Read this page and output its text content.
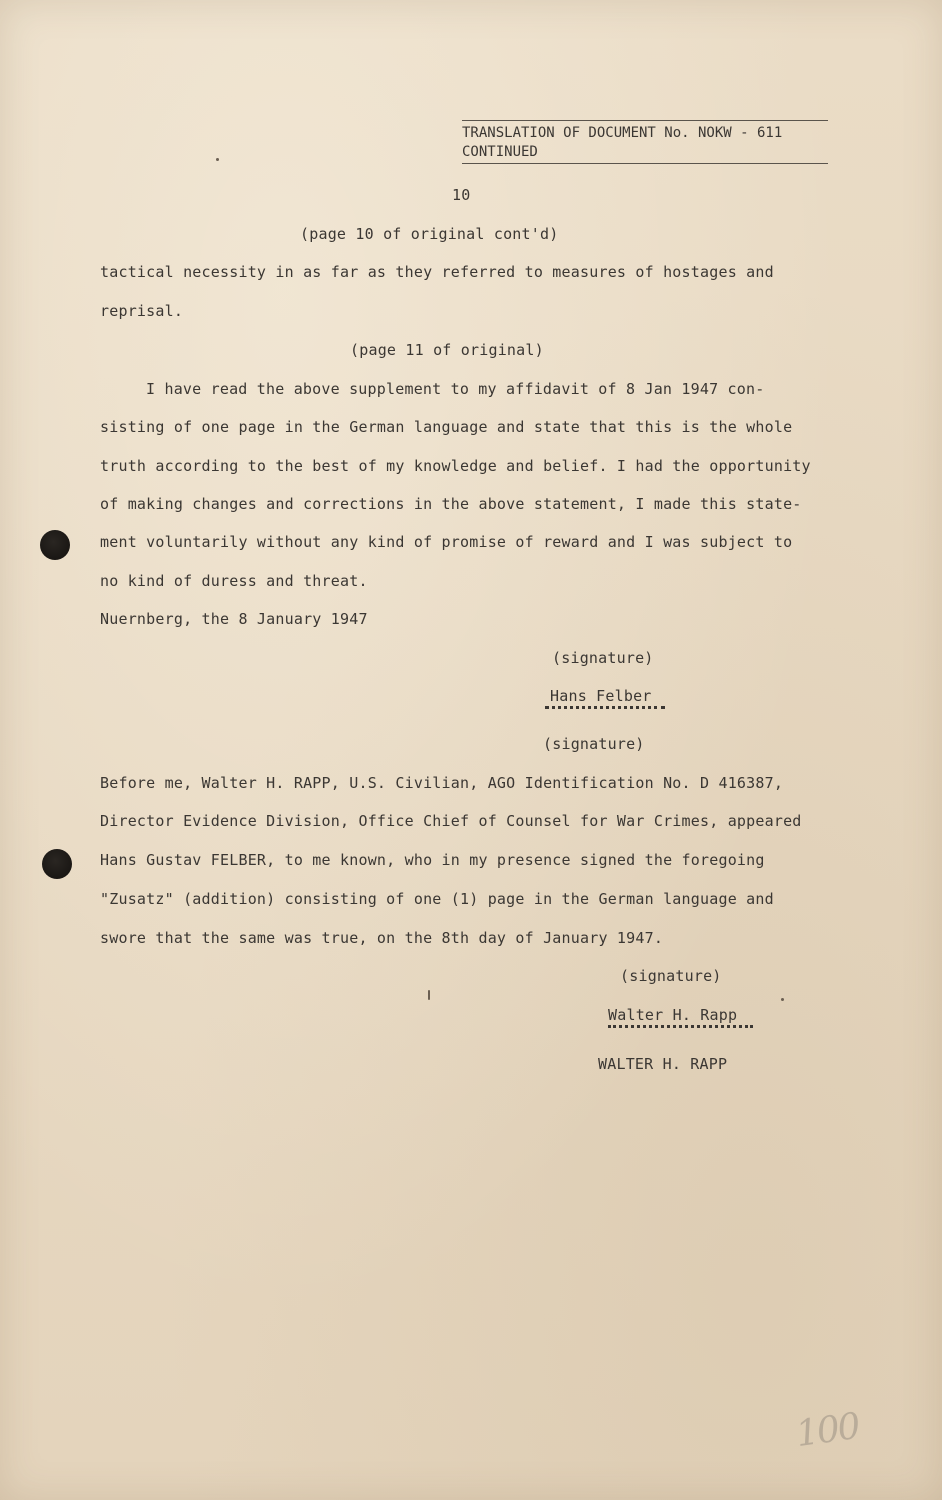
TRANSLATION OF DOCUMENT No. NOKW - 611
CONTINUED
10
(page 10 of original cont'd)
tactical necessity in as far as they referred to measures of hostages and
reprisal.
(page 11 of original)
I have read the above supplement to my affidavit of 8 Jan 1947 con-
sisting of one page in the German language and state that this is the whole
truth according to the best of my knowledge and belief. I had the opportunity
of making changes and corrections in the above statement, I made this state-
ment voluntarily without any kind of promise of reward and I was subject to
no kind of duress and threat.
Nuernberg, the 8 January 1947
(signature)
Hans Felber
(signature)
Before me, Walter H. RAPP, U.S. Civilian, AGO Identification No. D 416387,
Director Evidence Division, Office Chief of Counsel for War Crimes, appeared
Hans Gustav FELBER, to me known, who in my presence signed the foregoing
"Zusatz" (addition) consisting of one (1) page in the German language and
swore that the same was true, on the 8th day of January 1947.
(signature)
Walter H. Rapp
WALTER H. RAPP
100
